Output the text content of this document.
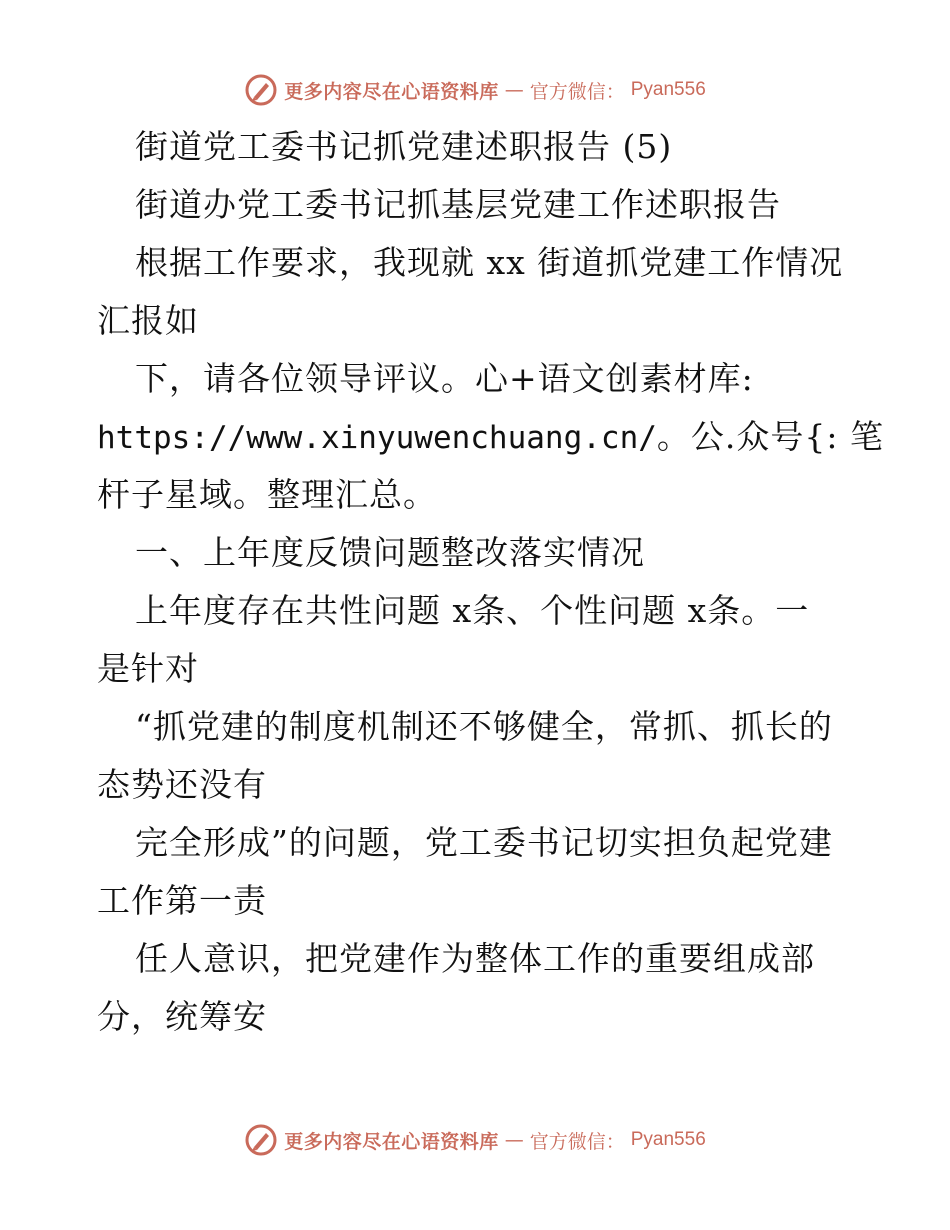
更多内容尽在心语资料库 — 官方微信： Pyan556
街道党工委书记抓党建述职报告 (5)
街道办党工委书记抓基层党建工作述职报告
根据工作要求，我现就 xx 街道抓党建工作情况
汇报如
下，请各位领导评议。心+语文创素材库:
https://www.xinyuwenchuang.cn/。公.众号{: 笔
杆子星域。整理汇总。
一、上年度反馈问题整改落实情况
上年度存在共性问题 x条、个性问题 x条。一
是针对
“抓党建的制度机制还不够健全，常抓、抓长的
态势还没有
完全形成”的问题，党工委书记切实担负起党建
工作第一责
任人意识，把党建作为整体工作的重要组成部
分，统筹安
更多内容尽在心语资料库 — 官方微信： Pyan556
